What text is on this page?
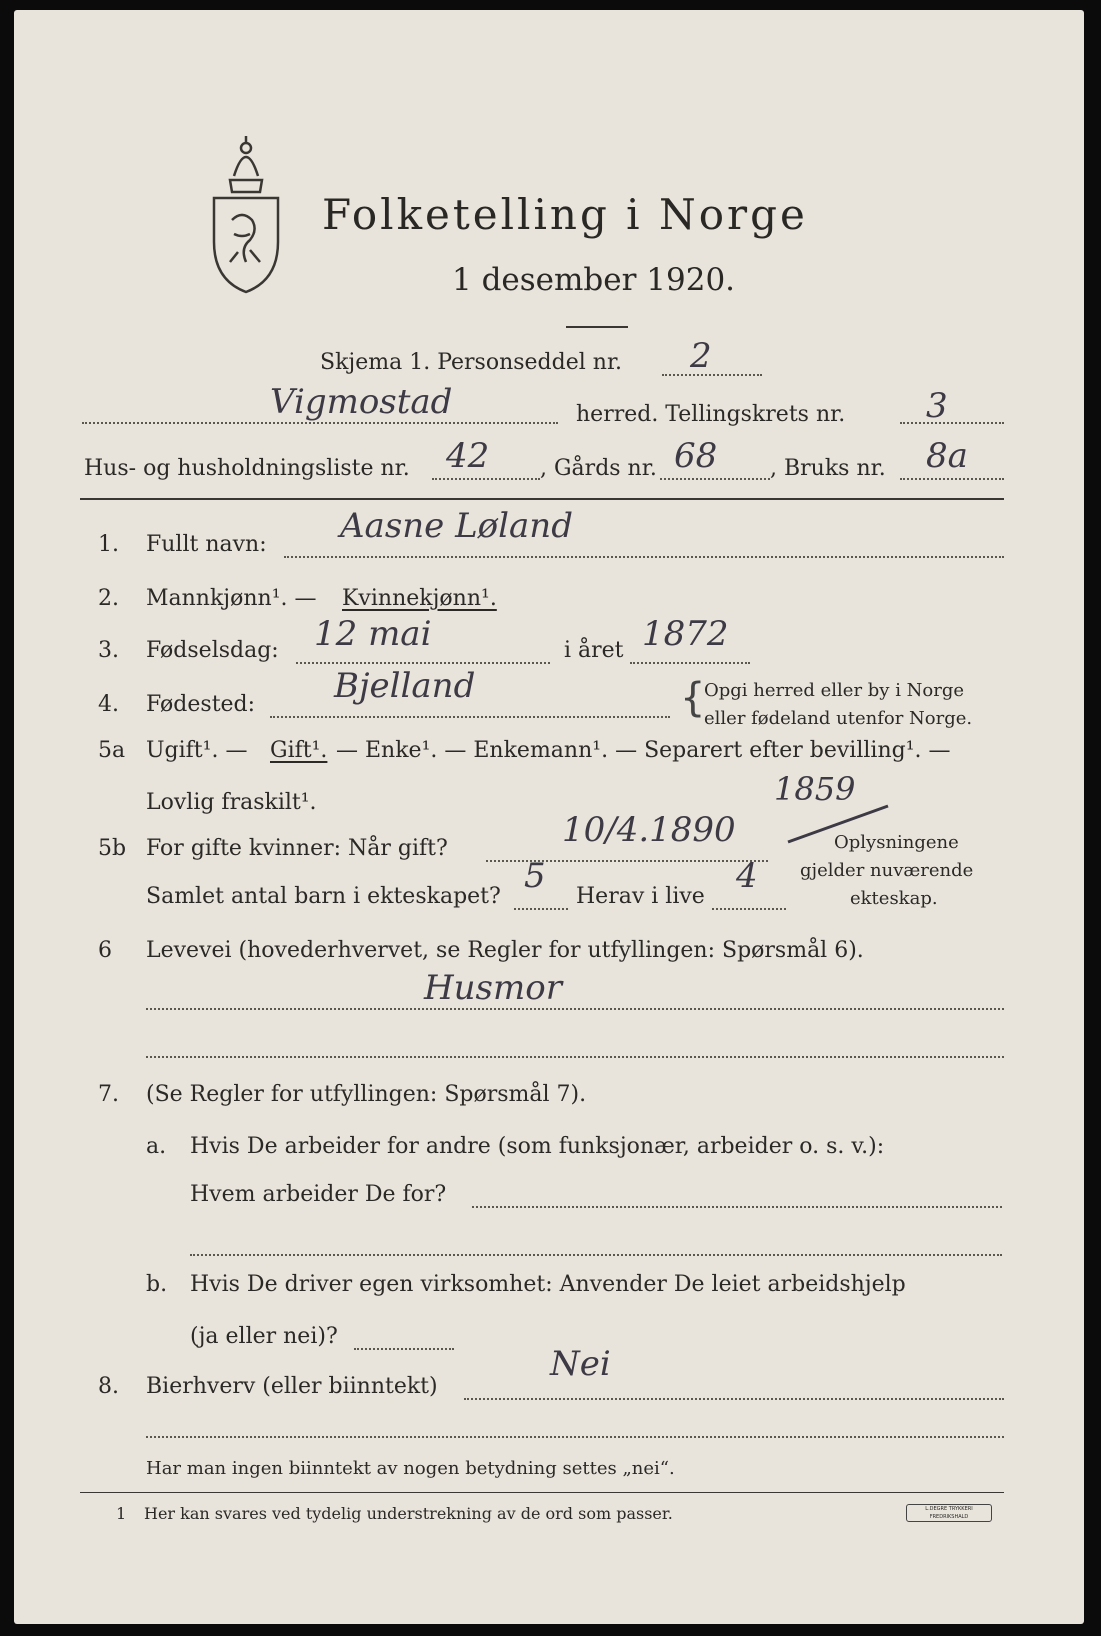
Folketelling i Norge
1 desember 1920.
Skjema 1. Personseddel nr. 2
Vigmostad	herred. Tellingskrets nr. 3
Hus- og husholdningsliste nr. 42 , Gårds nr. 68 , Bruks nr. 8a
1. Fullt navn: Aasne Løland
2. Mannkjønn¹. — Kvinnekjønn¹.
3. Fødselsdag: 12 mai	i året 1872
4. Fødested: Bjelland	{
Opgi herred eller by i Norge
eller fødeland utenfor Norge.
5a Ugift¹. — Gift¹. — Enke¹. — Enkemann¹. — Separert efter bevilling¹. —
Lovlig fraskilt¹.
5b For gifte kvinner: Når gift?	10/4.1890
1859
Oplysningene
gjelder nuværende
ekteskap.
Samlet antal barn i ekteskapet?
5
Herav i live
4
6 Levevei (hovederhvervet, se Regler for utfyllingen: Spørsmål 6).
Husmor
7. (Se Regler for utfyllingen: Spørsmål 7).
a. Hvis De arbeider for andre (som funksjonær, arbeider o. s. v.):
Hvem arbeider De for?
b. Hvis De driver egen virksomhet: Anvender De leiet arbeidshjelp
(ja eller nei)?
8. Bierhverv (eller biinntekt)
Nei
Har man ingen biinntekt av nogen betydning settes „nei“.
1 Her kan svares ved tydelig understrekning av de ord som passer.	L.DEGRE TRYKKERI FREDRIKSHALD
